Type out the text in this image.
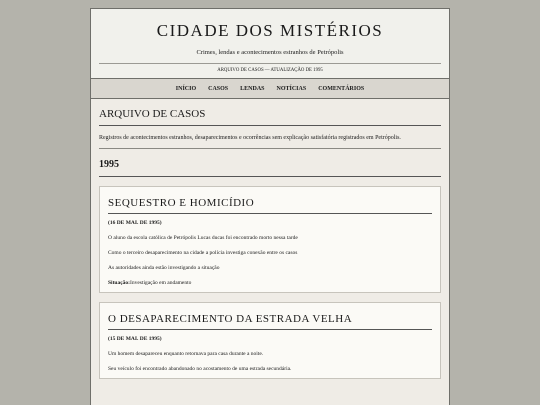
CIDADE DOS MISTÉRIOS
Crimes, lendas e acontecimentos estranhos de Petrópolis
ARQUIVO DE CASOS — ATUALIZAÇÃO DE 1995
INÍCIO CASOS LENDAS NOTÍCIAS COMENTÁRIOS
ARQUIVO DE CASOS
Registros de acontecimentos estranhos, desaparecimentos e ocorrências sem explicação satisfatória registrados em Petrópolis.
1995
SEQUESTRO E HOMICÍDIO
(16 DE MAI. DE 1995)
O aluno da escola católica de Petrópolis Lucas ducas foi encontrado morto nessa tarde
Como o terceiro desaparecimento na cidade a polícia investiga conexão entre os casos
As autoridades ainda estão investigando a situação
Situação:Investigação em andamento
O DESAPARECIMENTO DA ESTRADA VELHA
(15 DE MAI. DE 1995)
Um homem desapareceu enquanto retornava para casa durante a noite.
Seu veículo foi encontrado abandonado no acostamento de uma estrada secundária.
